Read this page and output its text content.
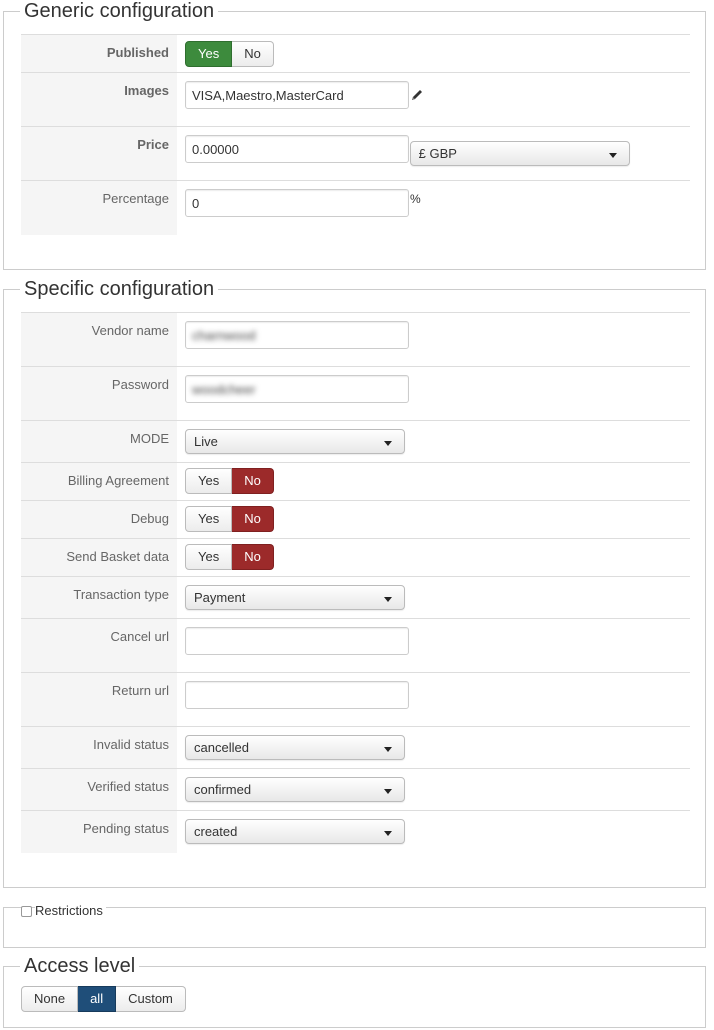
Generic configuration
Published	Yes No

Images	VISA,Maestro,MasterCard

Price	0.00000 £ GBP

Percentage	0 %
Specific configuration
Vendor name	charnwood
Password	woodcheer
MODE	Live

Billing Agreement	Yes No

Debug	Yes No

Send Basket data	Yes No

Transaction type	Payment

Cancel url	
Return url	
Invalid status	cancelled

Verified status	confirmed

Pending status	created
Restrictions
Access level
None	all	Custom
